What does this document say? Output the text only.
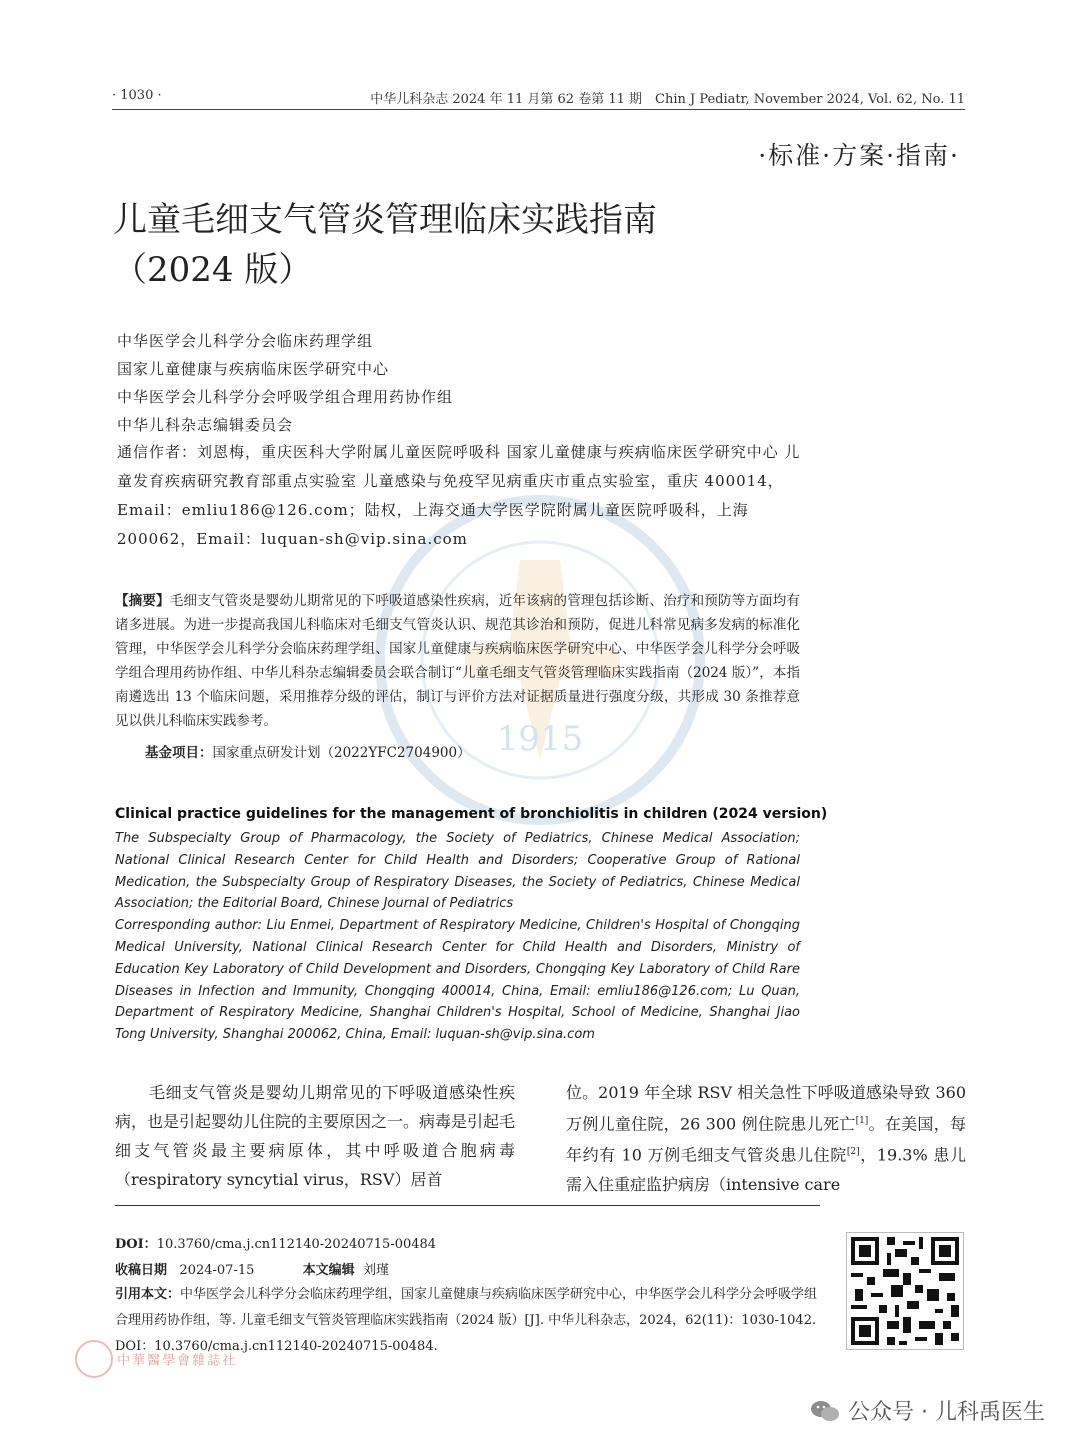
· 1030 ·	中华儿科杂志 2024 年 11 月第 62 卷第 11 期　Chin J Pediatr, November 2024, Vol. 62, No. 11
·标准·方案·指南·
1915
儿童毛细支气管炎管理临床实践指南
（2024 版）
中华医学会儿科学分会临床药理学组
国家儿童健康与疾病临床医学研究中心
中华医学会儿科学分会呼吸学组合理用药协作组
中华儿科杂志编辑委员会
通信作者：刘恩梅，重庆医科大学附属儿童医院呼吸科 国家儿童健康与疾病临床医学研究中心 儿童发育疾病研究教育部重点实验室 儿童感染与免疫罕见病重庆市重点实验室，重庆 400014，Email：emliu186@126.com；陆权，上海交通大学医学院附属儿童医院呼吸科，上海 200062，Email：luquan-sh@vip.sina.com
【摘要】毛细支气管炎是婴幼儿期常见的下呼吸道感染性疾病，近年该病的管理包括诊断、治疗和预防等方面均有诸多进展。为进一步提高我国儿科临床对毛细支气管炎认识、规范其诊治和预防，促进儿科常见病多发病的标准化管理，中华医学会儿科学分会临床药理学组、国家儿童健康与疾病临床医学研究中心、中华医学会儿科学分会呼吸学组合理用药协作组、中华儿科杂志编辑委员会联合制订“儿童毛细支气管炎管理临床实践指南（2024 版）”，本指南遴选出 13 个临床问题，采用推荐分级的评估，制订与评价方法对证据质量进行强度分级，共形成 30 条推荐意见以供儿科临床实践参考。
基金项目：国家重点研发计划（2022YFC2704900）
Clinical practice guidelines for the management of bronchiolitis in children (2024 version)
The Subspecialty Group of Pharmacology, the Society of Pediatrics, Chinese Medical Association; National Clinical Research Center for Child Health and Disorders; Cooperative Group of Rational Medication, the Subspecialty Group of Respiratory Diseases, the Society of Pediatrics, Chinese Medical Association; the Editorial Board, Chinese Journal of Pediatrics
Corresponding author: Liu Enmei, Department of Respiratory Medicine, Children's Hospital of Chongqing Medical University, National Clinical Research Center for Child Health and Disorders, Ministry of Education Key Laboratory of Child Development and Disorders, Chongqing Key Laboratory of Child Rare Diseases in Infection and Immunity, Chongqing 400014, China, Email: emliu186@126.com; Lu Quan, Department of Respiratory Medicine, Shanghai Children's Hospital, School of Medicine, Shanghai Jiao Tong University, Shanghai 200062, China, Email: luquan-sh@vip.sina.com
毛细支气管炎是婴幼儿期常见的下呼吸道感染性疾病，也是引起婴幼儿住院的主要原因之一。病毒是引起毛细支气管炎最主要病原体，其中呼吸道合胞病毒（respiratory syncytial virus，RSV）居首
位。2019 年全球 RSV 相关急性下呼吸道感染导致 360 万例儿童住院，26 300 例住院患儿死亡[1]。在美国，每年约有 10 万例毛细支气管炎患儿住院[2]，19.3% 患儿需入住重症监护病房（intensive care
DOI：10.3760/cma.j.cn112140-20240715-00484
收稿日期 2024-07-15	本文编辑 刘瑾
引用本文：中华医学会儿科学分会临床药理学组，国家儿童健康与疾病临床医学研究中心，中华医学会儿科学分会呼吸学组合理用药协作组，等. 儿童毛细支气管炎管理临床实践指南（2024 版）[J]. 中华儿科杂志，2024，62(11)：1030-1042. DOI：10.3760/cma.j.cn112140-20240715-00484.
中華醫學會雜誌社
公众号 · 儿科禹医生
